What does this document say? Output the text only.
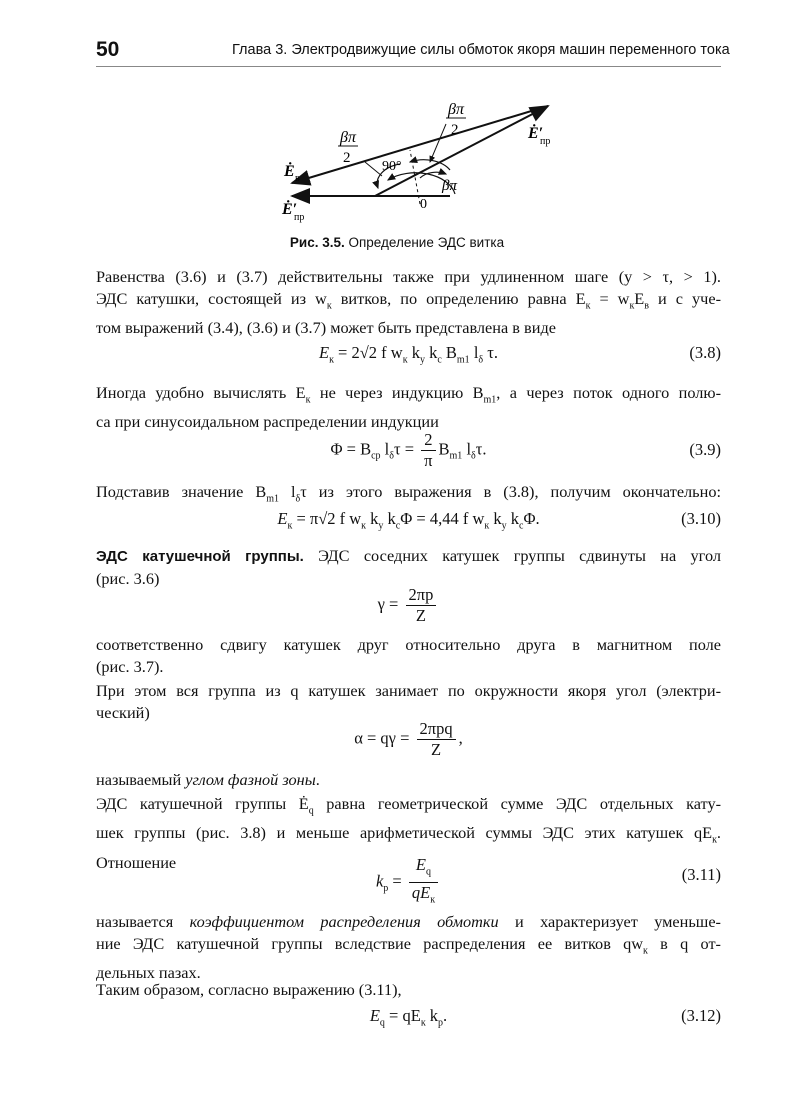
50	Глава 3. Электродвижущие силы обмоток якоря машин переменного тока
βπ
2
βπ
2
90°
βπ
0
Ė′
пр
Ė в
Ė′
пр
Рис. 3.5. Определение ЭДС витка
Равенства (3.6) и (3.7) действительны также при удлиненном шаге (y > τ, > 1).
ЭДС катушки, состоящей из $w_к$ витков, по определению равна $E_к = w_кE_в$ и с уче-
том выражений (3.4), (3.6) и (3.7) может быть представлена в виде
$E_к = 2√2$ f $w_к$ $k_у$ $k_c$ $B_{m1}$ $l_\delta$ τ.	(3.8)
Иногда удобно вычислять $E_к$ не через индукцию $B_{m1}$, а через поток одного полю-
са при синусоидальном распределении индукции
$\Phi = B_{ср}$ $l_\delta\tau = \frac{2}{\pi} B_{m1}$ $l_\delta\tau$.	(3.9)
Подставив значение $B_{m1}$ $l_\delta\tau$ из этого выражения в (3.8), получим окончательно:
$E_к = \pi√2$ f $w_к$ $k_у$ $k_c\Phi = 4,44$ f $w_к$ $k_у$ $k_c\Phi$.	(3.10)
ЭДС катушечной группы. ЭДС соседних катушек группы сдвинуты на угол
(рис. 3.6)
$\gamma = \frac{2\pi p}{Z}$
соответственно сдвигу катушек друг относительно друга в магнитном поле
(рис. 3.7).
При этом вся группа из q катушек занимает по окружности якоря угол (электри-
ческий)
$\alpha = q\gamma = \frac{\text{2πpq}}{Z}$ ,
называемый углом фазной зоны.
ЭДС катушечной группы $Ė_q$ равна геометрической сумме ЭДС отдельных кату-
шек группы (рис. 3.8) и меньше арифметической суммы ЭДС этих катушек $qE_к$.
Отношение
$k_р = \frac{E_q}{qE_к}$	(3.11)
называется коэффициентом распределения обмотки и характеризует уменьше-
ние ЭДС катушечной группы вследствие распределения ее витков $qw_к$ в q от-
дельных пазах.
Таким образом, согласно выражению (3.11),
$E_q = qE_к$ $k_р$.	(3.12)
